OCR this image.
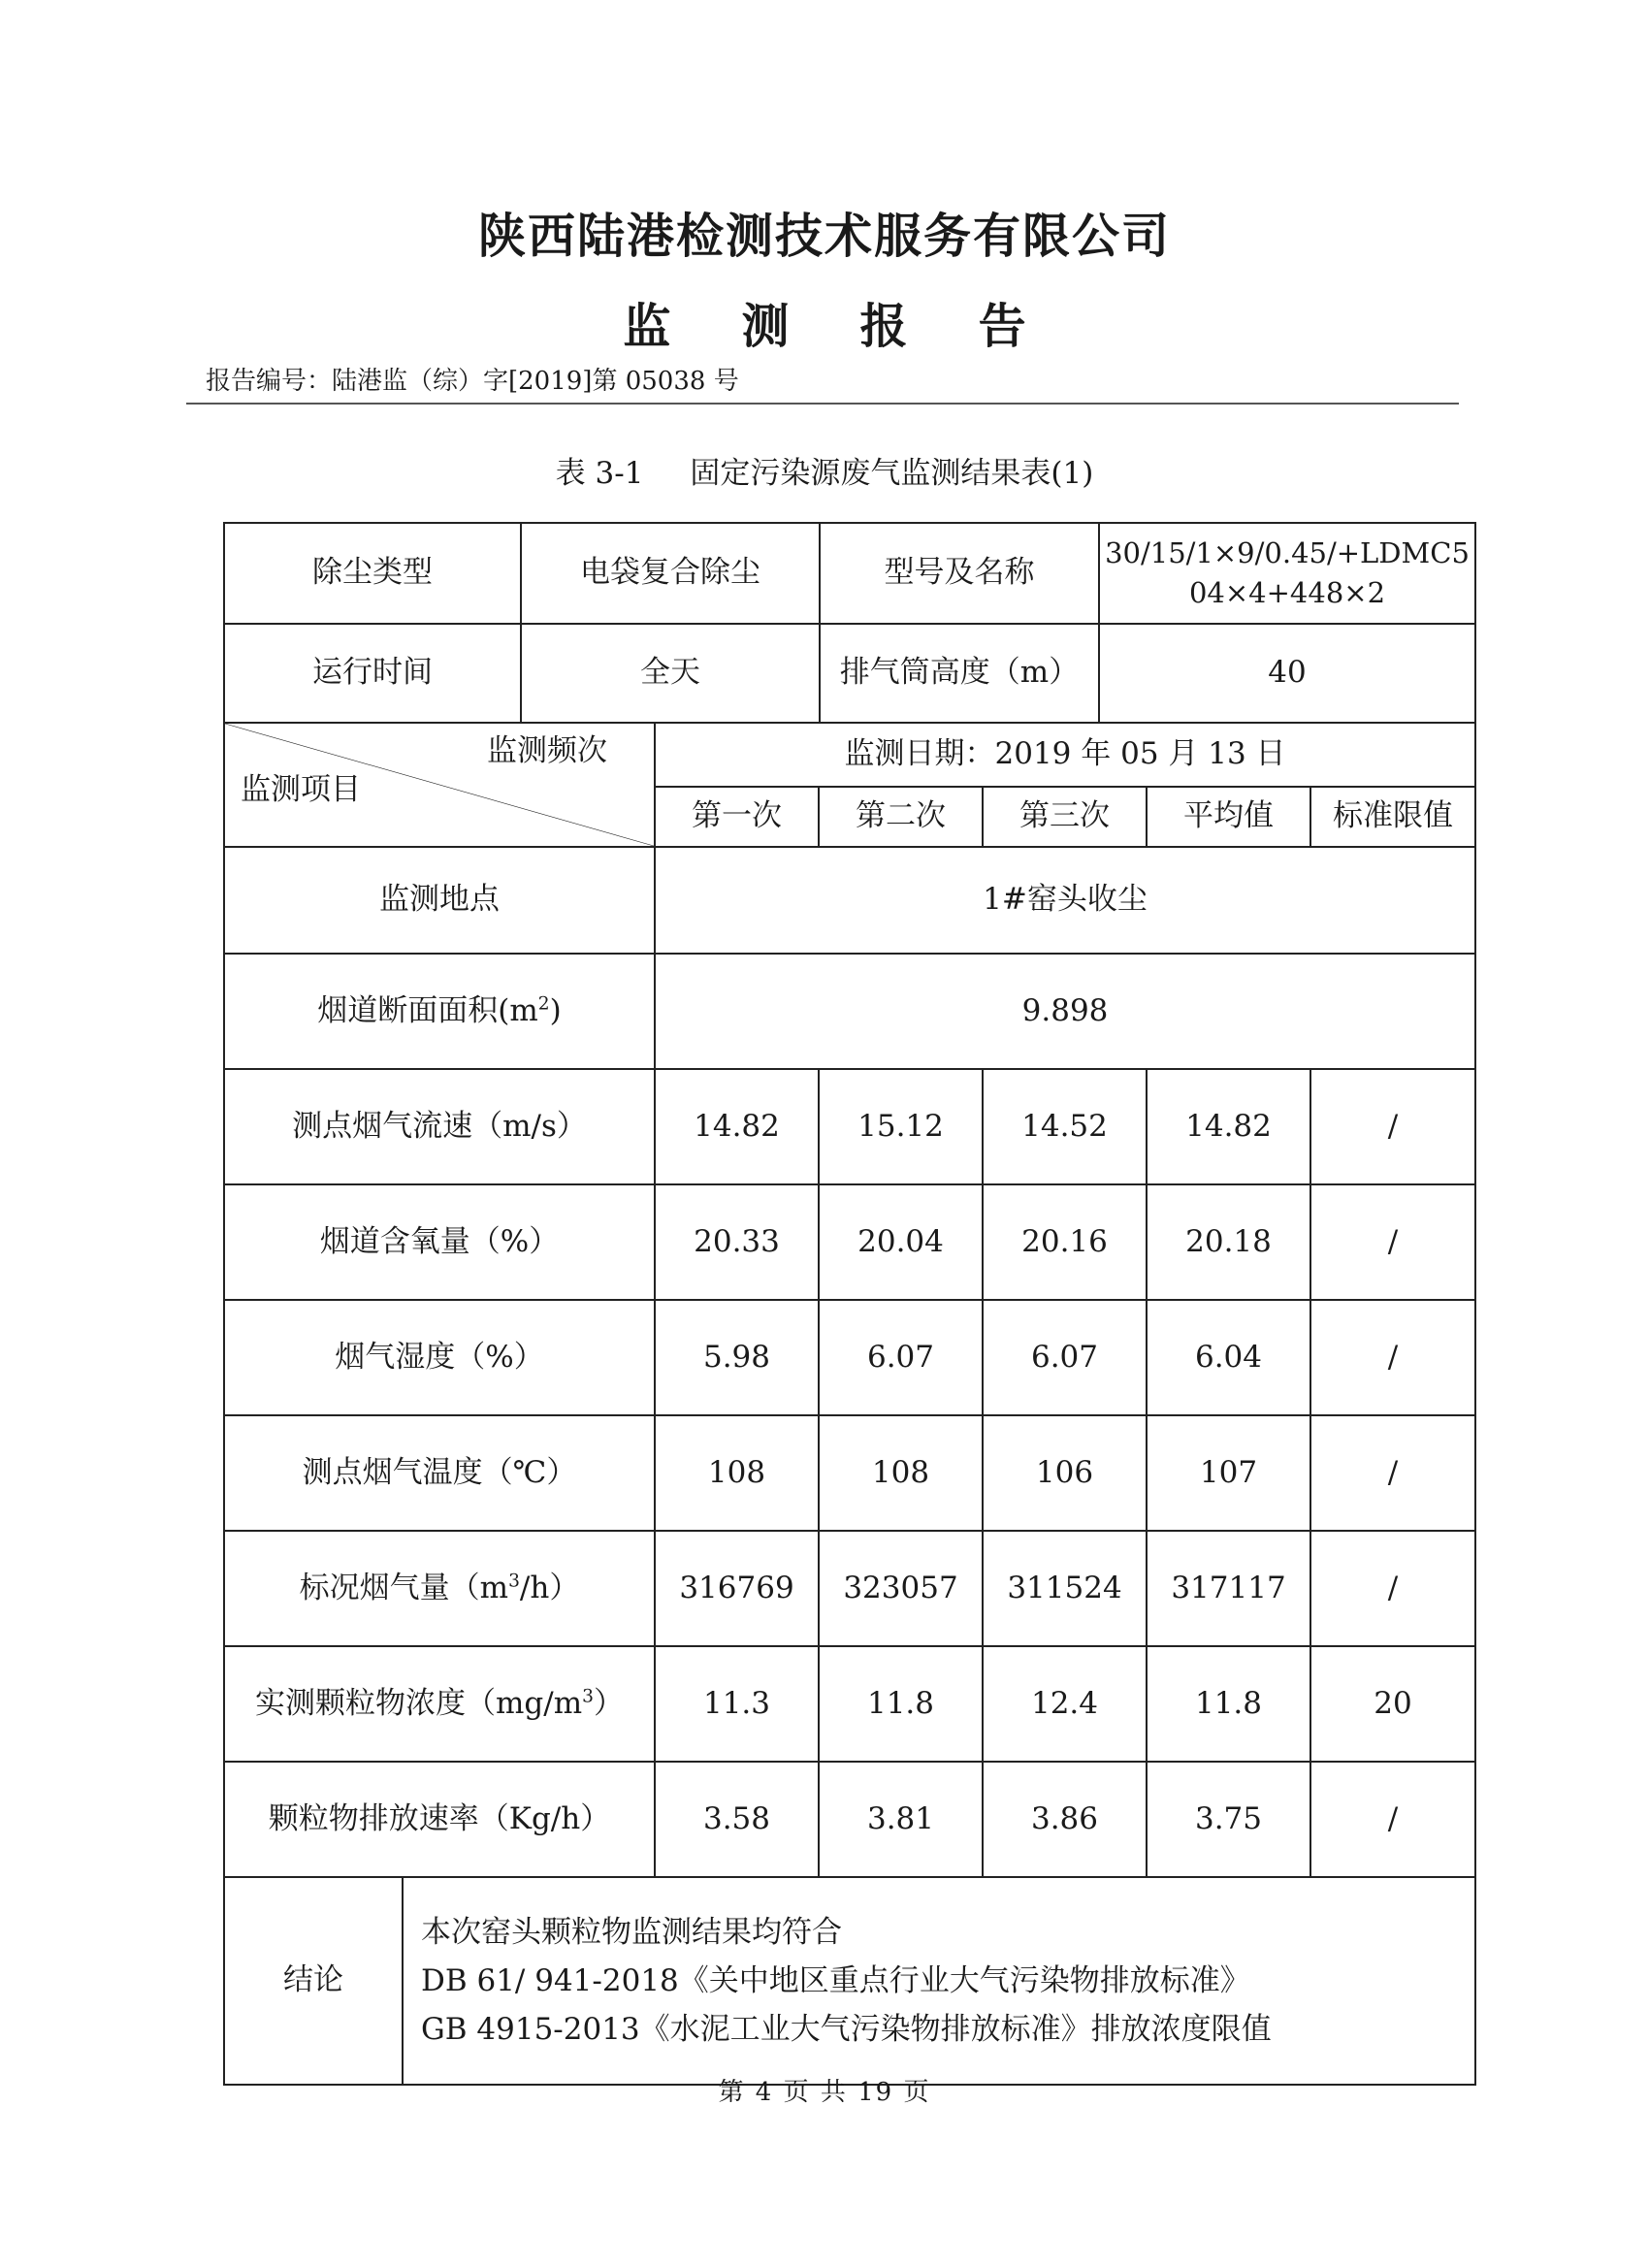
陕西陆港检测技术服务有限公司
监 测 报 告
报告编号：陆港监（综）字[2019]第 05038 号
表 3-1 固定污染源废气监测结果表(1)
除尘类型	电袋复合除尘	型号及名称	30/15/1×9/0.45/+LDMC5
04×4+448×2

运行时间	全天	排气筒高度（m）	40
监测频次
监测项目		监测日期：2019 年 05 月 13 日				
		第一次	第二次	第三次	平均值	标准限值
监测地点		1#窑头收尘				
烟道断面面积$(m^2)$		9.898				
测点烟气流速（m/s）		14.82	15.12	14.52	14.82	/
烟道含氧量（%）		20.33	20.04	20.16	20.18	/
烟气湿度（%）		5.98	6.07	6.07	6.04	/
测点烟气温度（℃）		108	108	106	107	/
标况烟气量$(m^3/h)$		316769	323057	311524	317117	/
实测颗粒物浓度$(mg/m^3)$		11.3	11.8	12.4	11.8	20
颗粒物排放速率（Kg/h）		3.58	3.81	3.86	3.75	/
结论	本次窑头颗粒物监测结果均符合
DB 61/ 941-2018《关中地区重点行业大气污染物排放标准》
GB 4915-2013《水泥工业大气污染物排放标准》排放浓度限值					
第 4 页 共 19 页
